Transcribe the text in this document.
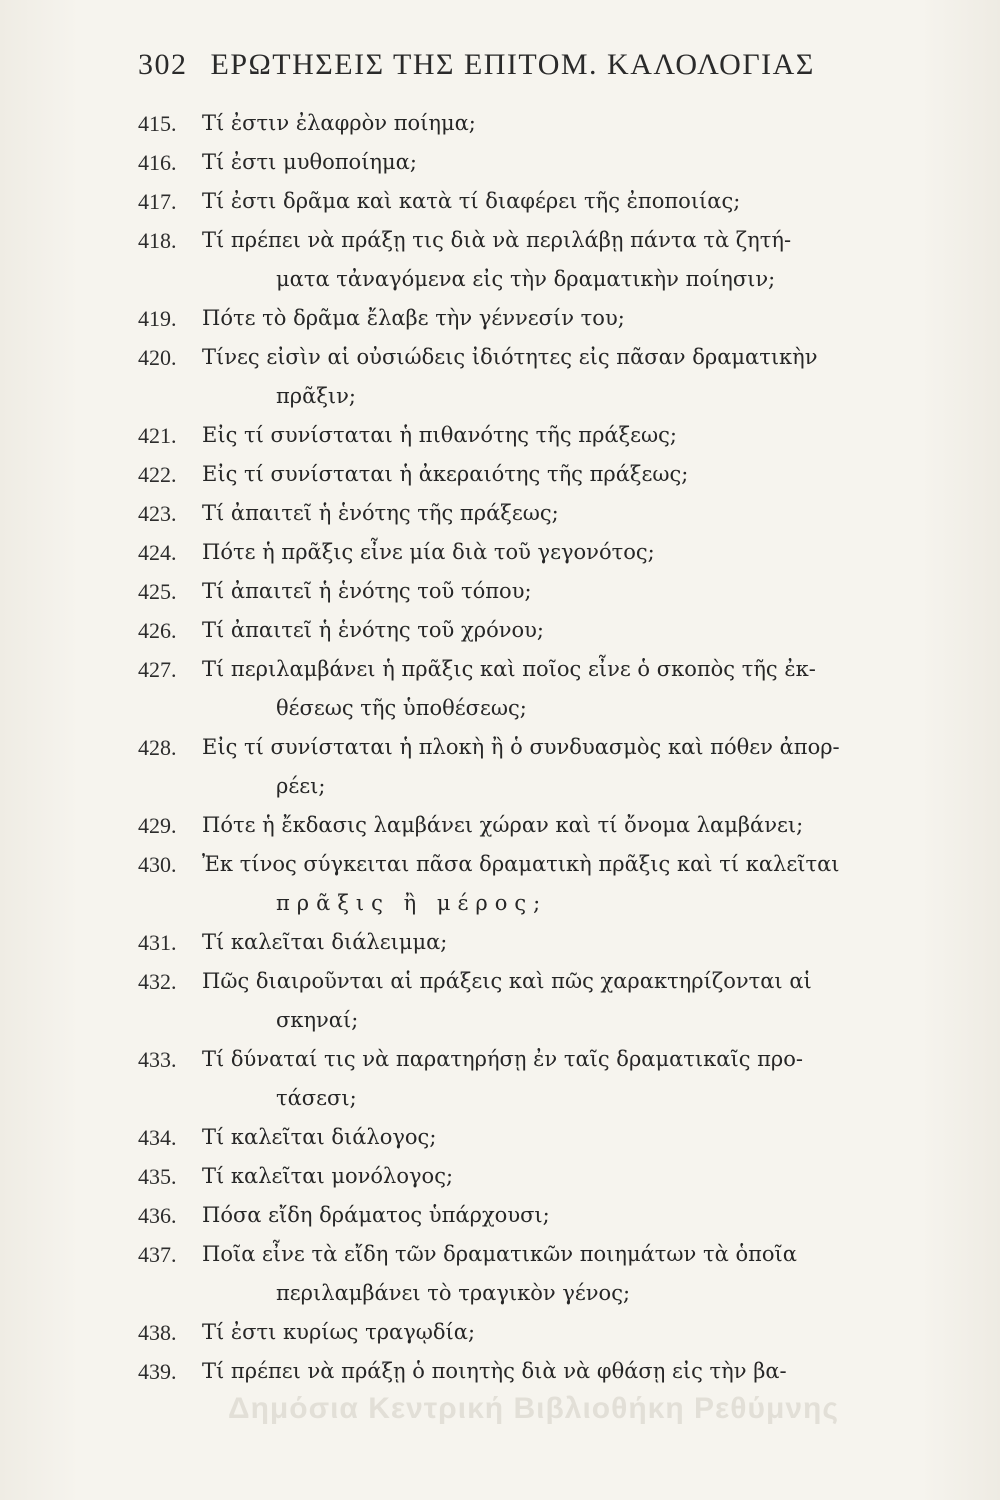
302 ΕΡΩΤΗΣΕΙΣ ΤΗΣ ΕΠΙΤΟΜ. ΚΑΛΟΛΟΓΙΑΣ
415.	Τί ἐστιν ἐλαφρὸν ποίημα;
416.	Τί ἐστι μυθοποίημα;
417.	Τί ἐστι δρᾶμα καὶ κατὰ τί διαφέρει τῆς ἐποποιίας;
418.	Τί πρέπει νὰ πράξῃ τις διὰ νὰ περιλάβῃ πάντα τὰ ζητή-
ματα τἀναγόμενα εἰς τὴν δραματικὴν ποίησιν;
419.	Πότε τὸ δρᾶμα ἔλαβε τὴν γέννεσίν του;
420.	Τίνες εἰσὶν αἱ οὐσιώδεις ἰδιότητες εἰς πᾶσαν δραματικὴν
πρᾶξιν;
421.	Εἰς τί συνίσταται ἡ πιθανότης τῆς πράξεως;
422.	Εἰς τί συνίσταται ἡ ἀκεραιότης τῆς πράξεως;
423.	Τί ἀπαιτεῖ ἡ ἑνότης τῆς πράξεως;
424.	Πότε ἡ πρᾶξις εἶνε μία διὰ τοῦ γεγονότος;
425.	Τί ἀπαιτεῖ ἡ ἑνότης τοῦ τόπου;
426.	Τί ἀπαιτεῖ ἡ ἑνότης τοῦ χρόνου;
427.	Τί περιλαμβάνει ἡ πρᾶξις καὶ ποῖος εἶνε ὁ σκοπὸς τῆς ἐκ-
θέσεως τῆς ὑποθέσεως;
428.	Εἰς τί συνίσταται ἡ πλοκὴ ἢ ὁ συνδυασμὸς καὶ πόθεν ἀπορ-
ρέει;
429.	Πότε ἡ ἔκδασις λαμβάνει χώραν καὶ τί ὄνομα λαμβάνει;
430.	Ἐκ τίνος σύγκειται πᾶσα δραματικὴ πρᾶξις καὶ τί καλεῖται
πρᾶξις ἢ μέρος;
431.	Τί καλεῖται διάλειμμα;
432.	Πῶς διαιροῦνται αἱ πράξεις καὶ πῶς χαρακτηρίζονται αἱ
σκηναί;
433.	Τί δύναταί τις νὰ παρατηρήσῃ ἐν ταῖς δραματικαῖς προ-
τάσεσι;
434.	Τί καλεῖται διάλογος;
435.	Τί καλεῖται μονόλογος;
436.	Πόσα εἴδη δράματος ὑπάρχουσι;
437.	Ποῖα εἶνε τὰ εἴδη τῶν δραματικῶν ποιημάτων τὰ ὁποῖα
περιλαμβάνει τὸ τραγικὸν γένος;
438.	Τί ἐστι κυρίως τραγῳδία;
439.	Τί πρέπει νὰ πράξῃ ὁ ποιητὴς διὰ νὰ φθάσῃ εἰς τὴν βα-
Δημόσια Κεντρική Βιβλιοθήκη Ρεθύμνης
